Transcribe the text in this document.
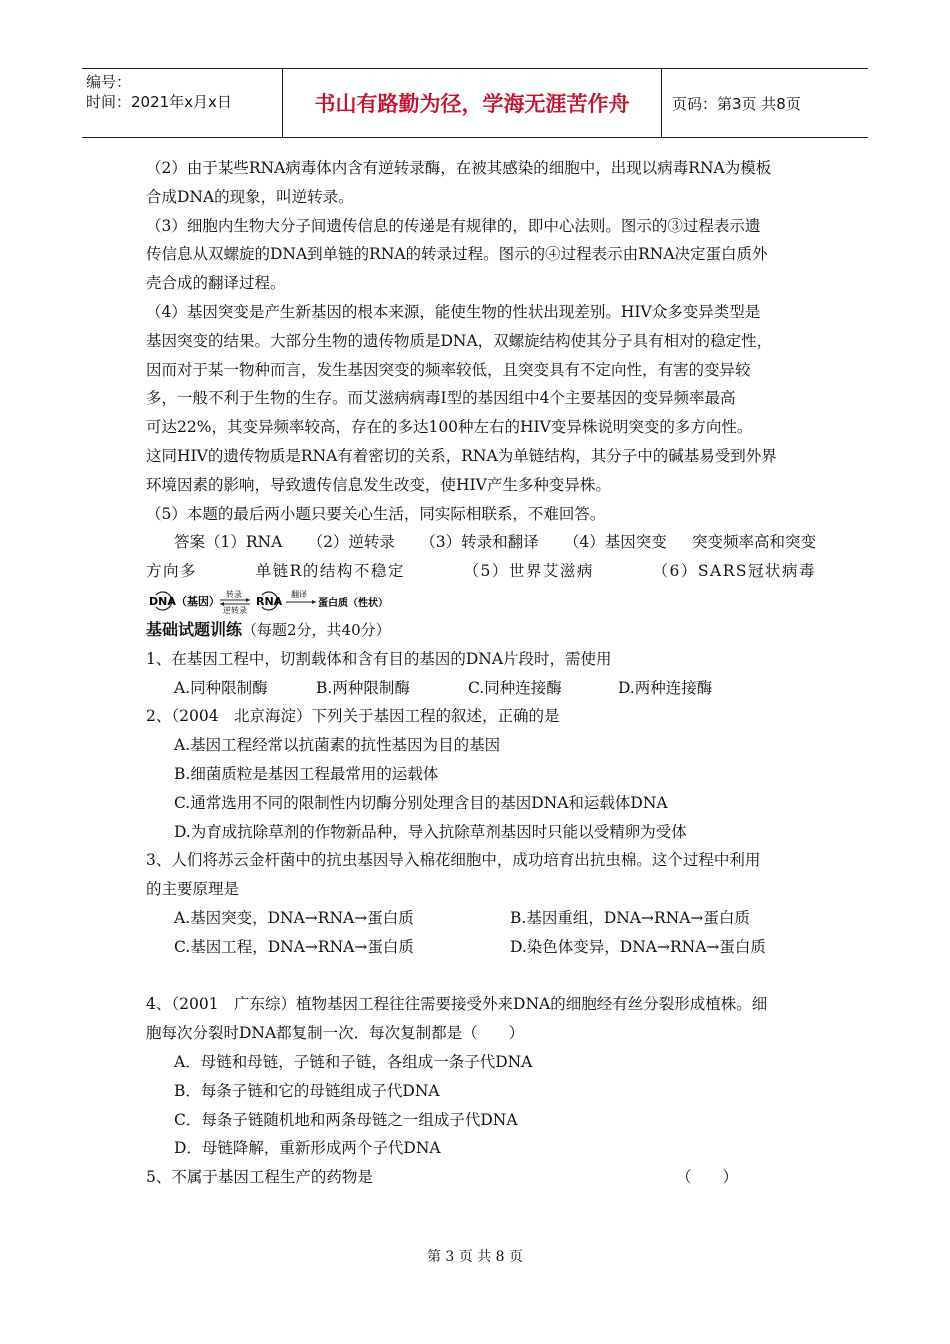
编号：
时间：2021年x月x日	书山有路勤为径，学海无涯苦作舟	页码：第3页 共8页
（2）由于某些RNA病毒体内含有逆转录酶，在被其感染的细胞中，出现以病毒RNA为模板
合成DNA的现象，叫逆转录。
（3）细胞内生物大分子间遗传信息的传递是有规律的，即中心法则。图示的③过程表示遗
传信息从双螺旋的DNA到单链的RNA的转录过程。图示的④过程表示由RNA决定蛋白质外
壳合成的翻译过程。
（4）基因突变是产生新基因的根本来源，能使生物的性状出现差别。HIV众多变异类型是
基因突变的结果。大部分生物的遗传物质是DNA，双螺旋结构使其分子具有相对的稳定性，
因而对于某一物种而言，发生基因突变的频率较低，且突变具有不定向性，有害的变异较
多，一般不利于生物的生存。而艾滋病病毒Ⅰ型的基因组中4个主要基因的变异频率最高
可达22%，其变异频率较高，存在的多达100种左右的HIV变异株说明突变的多方向性。
这同HIV的遗传物质是RNA有着密切的关系，RNA为单链结构，其分子中的碱基易受到外界
环境因素的影响，导致遗传信息发生改变，使HIV产生多种变异株。
（5）本题的最后两小题只要关心生活，同实际相联系，不难回答。
答案（1）RNA （2）逆转录 （3）转录和翻译 （4）基因突变 突变频率高和突变
方向多	单链R的结构不稳定	（5）世界艾滋病	（6）SARS冠状病毒
DNA（基因）
转录
逆转录
RNA
翻译
蛋白质（性状）
基础试题训练（每题2分，共40分）
1、在基因工程中，切割载体和含有目的基因的DNA片段时，需使用
A.同种限制酶	B.两种限制酶	C.同种连接酶	D.两种连接酶
2、（2004　北京海淀）下列关于基因工程的叙述，正确的是
A.基因工程经常以抗菌素的抗性基因为目的基因
B.细菌质粒是基因工程最常用的运载体
C.通常选用不同的限制性内切酶分别处理含目的基因DNA和运载体DNA
D.为育成抗除草剂的作物新品种，导入抗除草剂基因时只能以受精卵为受体
3、人们将苏云金杆菌中的抗虫基因导入棉花细胞中，成功培育出抗虫棉。这个过程中利用
的主要原理是
A.基因突变，DNA→RNA→蛋白质	B.基因重组，DNA→RNA→蛋白质
C.基因工程，DNA→RNA→蛋白质	D.染色体变异，DNA→RNA→蛋白质
4、（2001　广东综）植物基因工程往往需要接受外来DNA的细胞经有丝分裂形成植株。细
胞每次分裂时DNA都复制一次．每次复制都是（　　）
A．母链和母链，子链和子链，各组成一条子代DNA
B．每条子链和它的母链组成子代DNA
C．每条子链随机地和两条母链之一组成子代DNA
D．母链降解，重新形成两个子代DNA
5、不属于基因工程生产的药物是	（　　）
第 3 页 共 8 页
